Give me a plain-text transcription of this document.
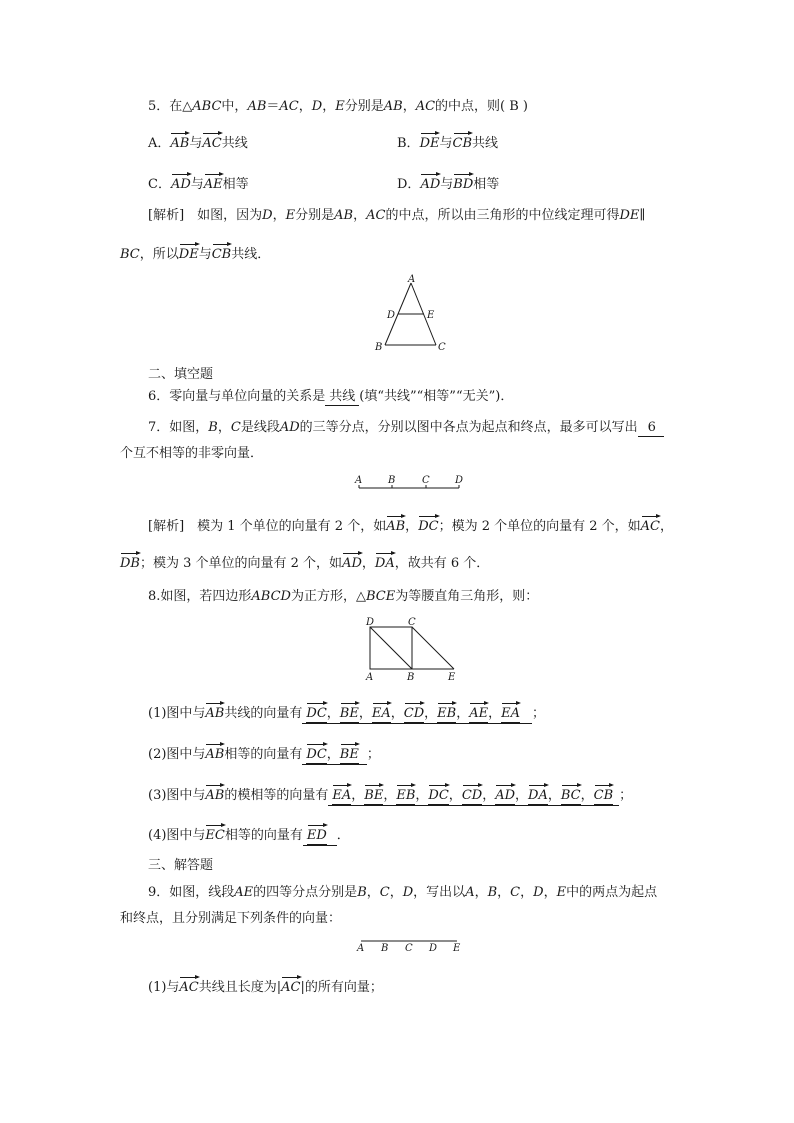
5．在△ABC中，AB＝AC，D，E分别是AB，AC的中点，则( B )
A．AB与AC共线	B．DE与CB共线
C．AD与AE相等	D．AD与BD相等
[解析]　如图，因为D，E分别是AB，AC的中点，所以由三角形的中位线定理可得DE∥
BC，所以DE与CB共线．
A
D	E
B	C
二、填空题
6．零向量与单位向量的关系是 共线 (填“共线”“相等”“无关”)．
7．如图，B，C是线段AD的三等分点，分别以图中各点为起点和终点，最多可以写出 6
个互不相等的非零向量．
A	B	C	D
[解析]　模为 1 个单位的向量有 2 个，如AB，DC；模为 2 个单位的向量有 2 个，如AC，
DB；模为 3 个单位的向量有 2 个，如AD，DA，故共有 6 个．
8.如图，若四边形ABCD为正方形，△BCE为等腰直角三角形，则：
D	C
A	B	E
(1)图中与AB共线的向量有 DC，BE，EA，CD，EB，AE，EA ；
(2)图中与AB相等的向量有 DC，BE ；
(3)图中与AB的模相等的向量有 EA，BE，EB，DC，CD，AD，DA，BC，CB ；
(4)图中与EC相等的向量有 ED ．
三、解答题
9．如图，线段AE的四等分点分别是B，C，D，写出以A，B，C，D，E中的两点为起点
和终点，且分别满足下列条件的向量：
A B C D E
(1)与AC共线且长度为|AC|的所有向量；
